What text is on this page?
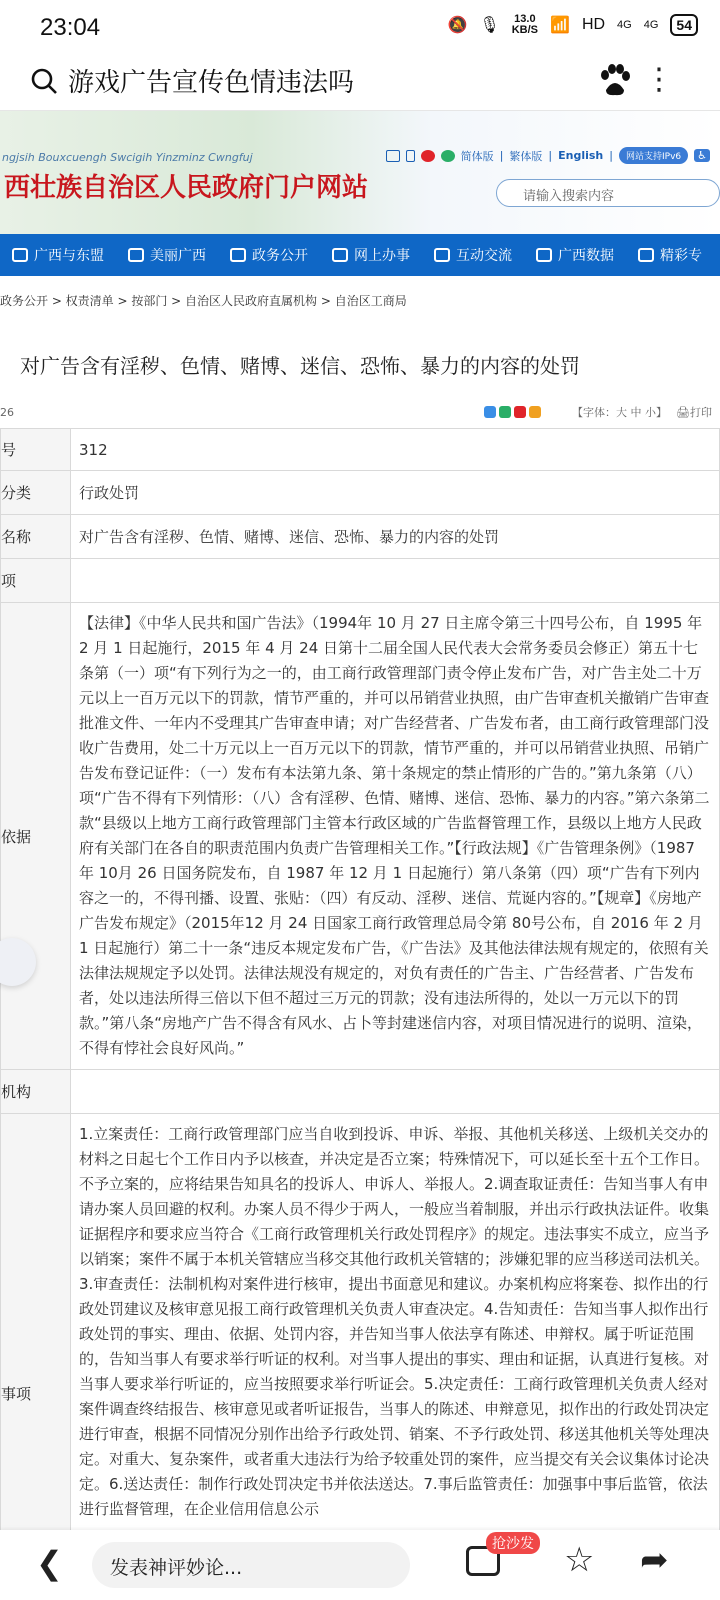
23:04	🔕 🎙 13.0
KB/S 📶 HD 4G 4G	54
游戏广告宣传色情违法吗	⋮
ngjsih Bouxcuengh Swcigih Yinzminz Cwngfuj
西壮族自治区人民政府门户网站
简体版 | 繁体版 | English |	网站支持IPv6	♿
请输入搜索内容
广西与东盟	美丽广西	政务公开	网上办事	互动交流	广西数据	精彩专
政务公开 > 权责清单 > 按部门 > 自治区人民政府直属机构 > 自治区工商局
对广告含有淫秽、色情、赌博、迷信、恐怖、暴力的内容的处罚
26	【字体：大 中 小】 🖨打印
号	312
分类	行政处罚
名称	对广告含有淫秽、色情、赌博、迷信、恐怖、暴力的内容的处罚
项	
依据	【法律】《中华人民共和国广告法》（1994年 10 月 27 日主席令第三十四号公布，自 1995 年 2 月 1 日起施行，2015 年 4 月 24 日第十二届全国人民代表大会常务委员会修正）第五十七条第（一）项“有下列行为之一的，由工商行政管理部门责令停止发布广告，对广告主处二十万元以上一百万元以下的罚款，情节严重的，并可以吊销营业执照，由广告审查机关撤销广告审查批准文件、一年内不受理其广告审查申请；对广告经营者、广告发布者，由工商行政管理部门没收广告费用，处二十万元以上一百万元以下的罚款，情节严重的，并可以吊销营业执照、吊销广告发布登记证件：（一）发布有本法第九条、第十条规定的禁止情形的广告的。”第九条第（八）项“广告不得有下列情形：（八）含有淫秽、色情、赌博、迷信、恐怖、暴力的内容。”第六条第二款“县级以上地方工商行政管理部门主管本行政区域的广告监督管理工作，县级以上地方人民政府有关部门在各自的职责范围内负责广告管理相关工作。”【行政法规】《广告管理条例》（1987 年 10月 26 日国务院发布，自 1987 年 12 月 1 日起施行）第八条第（四）项“广告有下列内容之一的，不得刊播、设置、张贴：（四）有反动、淫秽、迷信、荒诞内容的。”【规章】《房地产广告发布规定》（2015年12 月 24 日国家工商行政管理总局令第 80号公布，自 2016 年 2 月 1 日起施行）第二十一条“违反本规定发布广告，《广告法》及其他法律法规有规定的，依照有关法律法规规定予以处罚。法律法规没有规定的，对负有责任的广告主、广告经营者、广告发布者，处以违法所得三倍以下但不超过三万元的罚款；没有违法所得的，处以一万元以下的罚款。”第八条“房地产广告不得含有风水、占卜等封建迷信内容，对项目情况进行的说明、渲染，不得有悖社会良好风尚。”
机构	
事项	1.立案责任：工商行政管理部门应当自收到投诉、申诉、举报、其他机关移送、上级机关交办的材料之日起七个工作日内予以核查，并决定是否立案；特殊情况下，可以延长至十五个工作日。不予立案的，应将结果告知具名的投诉人、申诉人、举报人。2.调查取证责任：告知当事人有申请办案人员回避的权利。办案人员不得少于两人，一般应当着制服，并出示行政执法证件。收集证据程序和要求应当符合《工商行政管理机关行政处罚程序》的规定。违法事实不成立，应当予以销案；案件不属于本机关管辖应当移交其他行政机关管辖的；涉嫌犯罪的应当移送司法机关。3.审查责任：法制机构对案件进行核审，提出书面意见和建议。办案机构应将案卷、拟作出的行政处罚建议及核审意见报工商行政管理机关负责人审查决定。4.告知责任：告知当事人拟作出行政处罚的事实、理由、依据、处罚内容，并告知当事人依法享有陈述、申辩权。属于听证范围的，告知当事人有要求举行听证的权利。对当事人提出的事实、理由和证据，认真进行复核。对当事人要求举行听证的，应当按照要求举行听证会。5.决定责任：工商行政管理机关负责人经对案件调查终结报告、核审意见或者听证报告，当事人的陈述、申辩意见，拟作出的行政处罚决定进行审查，根据不同情况分别作出给予行政处罚、销案、不予行政处罚、移送其他机关等处理决定。对重大、复杂案件，或者重大违法行为给予较重处罚的案件，应当提交有关会议集体讨论决定。6.送达责任：制作行政处罚决定书并依法送达。7.事后监管责任：加强事中事后监管，依法进行监督管理，在企业信用信息公示
❮	发表神评妙论...
抢沙发 ☆ ➦
